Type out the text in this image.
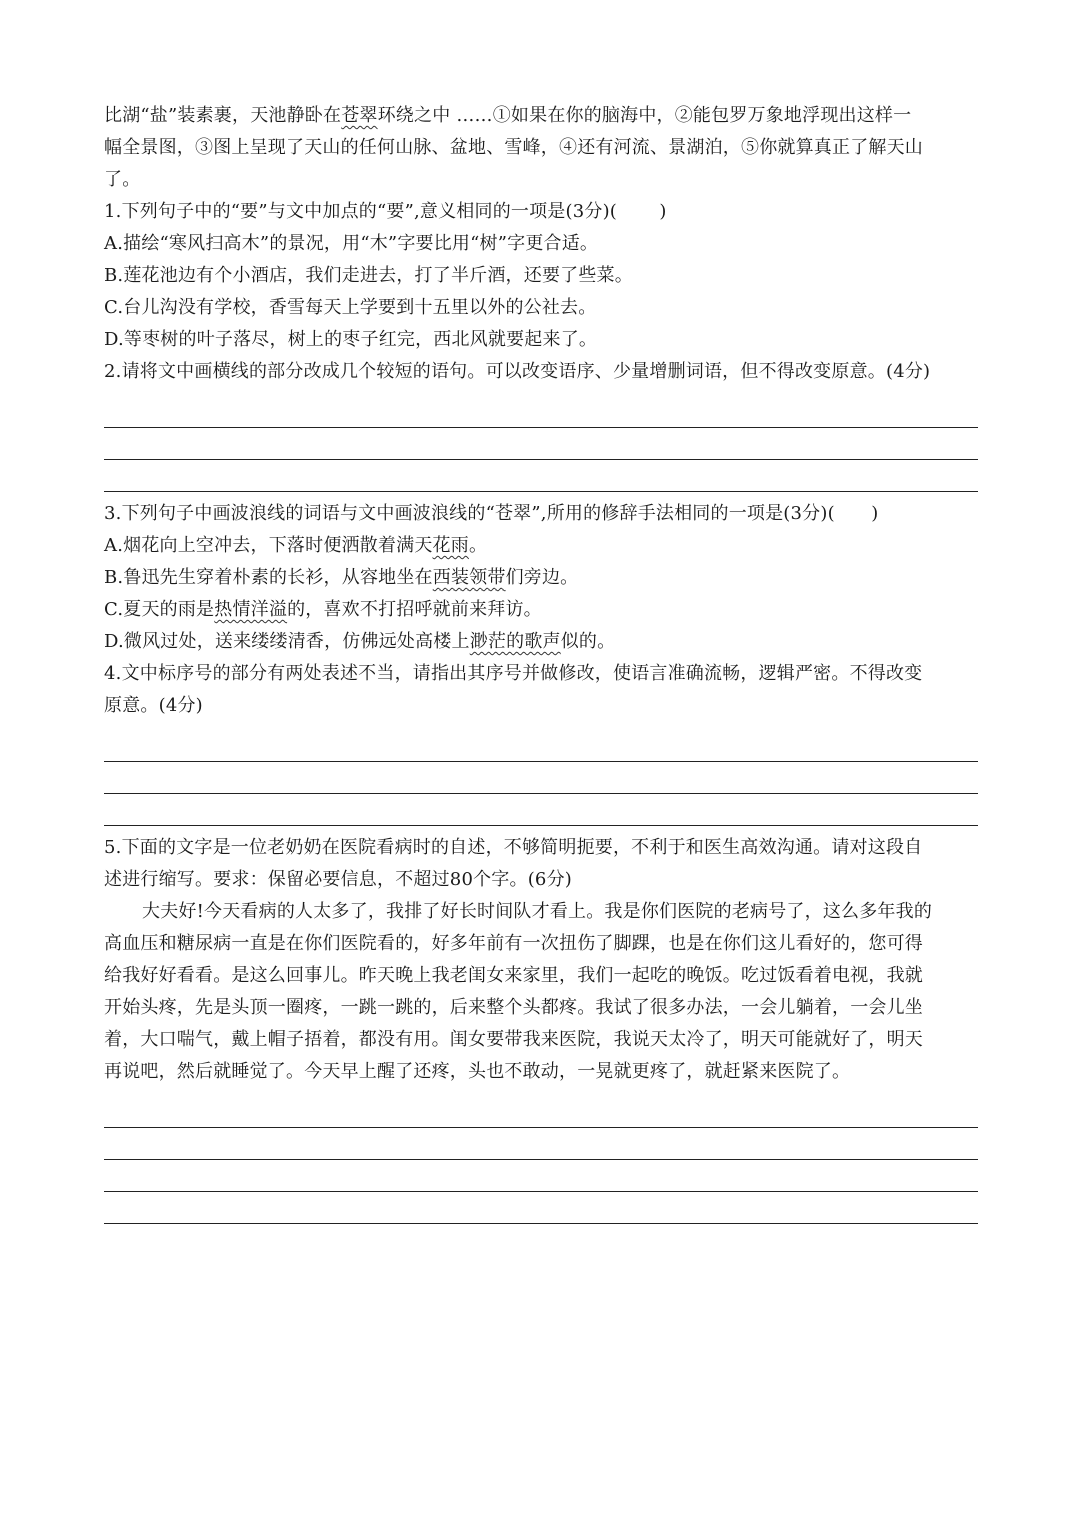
比湖“盐”装素裹，天池静卧在苍翠环绕之中 ……①如果在你的脑海中，②能包罗万象地浮现出这样一
幅全景图，③图上呈现了天山的任何山脉、盆地、雪峰，④还有河流、景湖泊，⑤你就算真正了解天山
了。
1.下列句子中的“要”与文中加点的“要”,意义相同的一项是(3分)(　　 )
A.描绘“寒风扫高木”的景况，用“木”字要比用“树”字更合适。
B.莲花池边有个小酒店，我们走进去，打了半斤酒，还要了些菜。
C.台儿沟没有学校，香雪每天上学要到十五里以外的公社去。
D.等枣树的叶子落尽，树上的枣子红完，西北风就要起来了。
2.请将文中画横线的部分改成几个较短的语句。可以改变语序、少量增删词语，但不得改变原意。(4分)
3.下列句子中画波浪线的词语与文中画波浪线的“苍翠”,所用的修辞手法相同的一项是(3分)(　　)
A.烟花向上空冲去，下落时便洒散着满天花雨。
B.鲁迅先生穿着朴素的长衫，从容地坐在西装领带们旁边。
C.夏天的雨是热情洋溢的，喜欢不打招呼就前来拜访。
D.微风过处，送来缕缕清香，仿佛远处高楼上渺茫的歌声似的。
4.文中标序号的部分有两处表述不当，请指出其序号并做修改，使语言准确流畅，逻辑严密。不得改变
原意。(4分)
5.下面的文字是一位老奶奶在医院看病时的自述，不够简明扼要，不利于和医生高效沟通。请对这段自
述进行缩写。要求：保留必要信息，不超过80个字。(6分)
大夫好!今天看病的人太多了，我排了好长时间队才看上。我是你们医院的老病号了，这么多年我的
高血压和糖尿病一直是在你们医院看的，好多年前有一次扭伤了脚踝，也是在你们这儿看好的，您可得
给我好好看看。是这么回事儿。昨天晚上我老闺女来家里，我们一起吃的晚饭。吃过饭看着电视，我就
开始头疼，先是头顶一圈疼，一跳一跳的，后来整个头都疼。我试了很多办法，一会儿躺着，一会儿坐
着，大口喘气，戴上帽子捂着，都没有用。闺女要带我来医院，我说天太冷了，明天可能就好了，明天
再说吧，然后就睡觉了。今天早上醒了还疼，头也不敢动，一晃就更疼了，就赶紧来医院了。
